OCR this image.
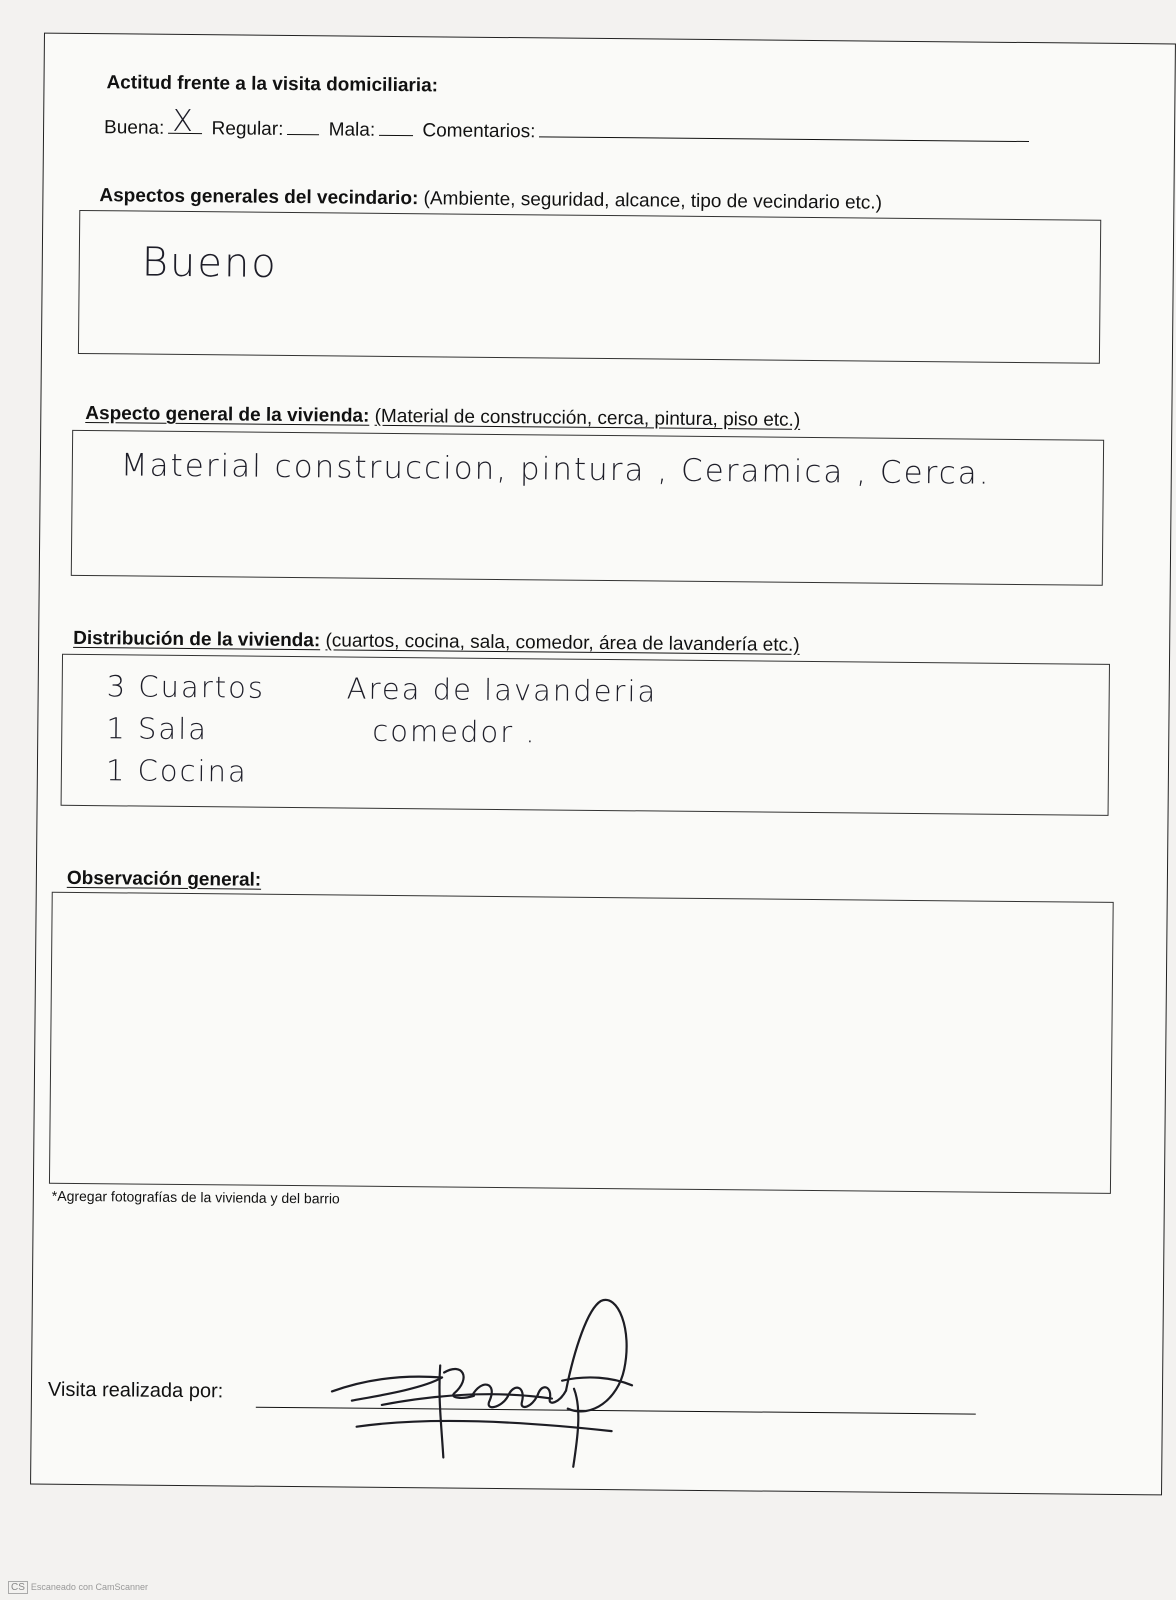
Actitud frente a la visita domiciliaria:
Buena: X Regular: Mala: Comentarios:
Aspectos generales del vecindario: (Ambiente, seguridad, alcance, tipo de vecindario etc.)
Bueno
Aspecto general de la vivienda: (Material de construcción, cerca, pintura, piso etc.)
Material construccion, pintura , Ceramica , Cerca.
Distribución de la vivienda: (cuartos, cocina, sala, comedor, área de lavandería etc.)
3 Cuartos
1 Sala
1 Cocina
Area de lavanderia
comedor .
Observación general:
*Agregar fotografías de la vivienda y del barrio
Visita realizada por:
CS Escaneado con CamScanner
